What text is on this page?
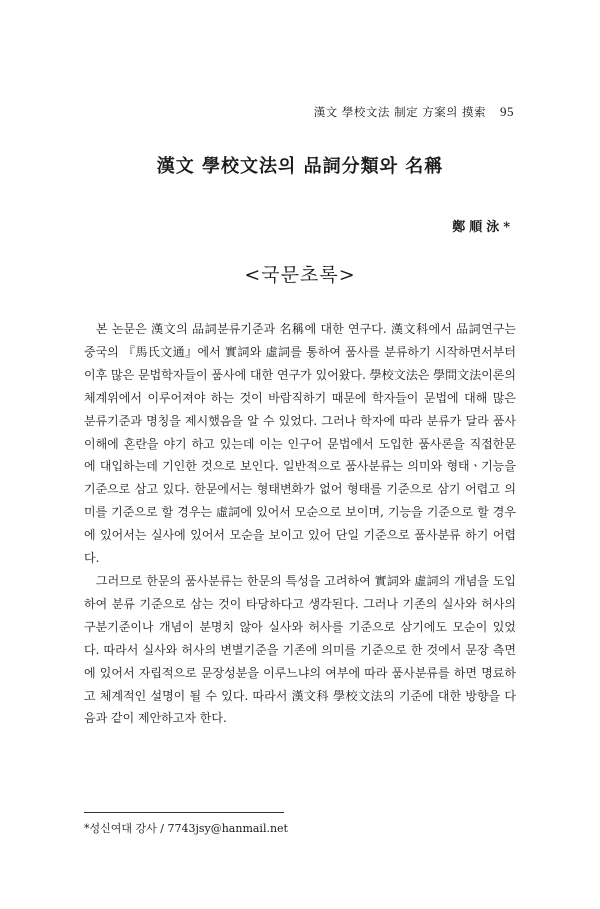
漢文 學校文法 制定 方案의 摸索 95
漢文 學校文法의 品詞分類와 名稱
鄭順泳*
<국문초록>

본 논문은 漢文의 品詞분류기준과 名稱에 대한 연구다. 漢文科에서 品詞연구는 중국의 『馬氏文通』에서 實詞와 虛詞를 통하여 품사를 분류하기 시작하면서부터 이후 많은 문법학자들이 품사에 대한 연구가 있어왔다. 學校文法은 學問文法이론의 체계위에서 이루어져야 하는 것이 바람직하기 때문에 학자들이 문법에 대해 많은 분류기준과 명칭을 제시했음을 알 수 있었다. 그러나 학자에 따라 분류가 달라 품사이해에 혼란을 야기 하고 있는데 이는 인구어 문법에서 도입한 품사론을 직접한문에 대입하는데 기인한 것으로 보인다. 일반적으로 품사분류는 의미와 형태ㆍ기능을 기준으로 삼고 있다. 한문에서는 형태변화가 없어 형태를 기준으로 삼기 어렵고 의미를 기준으로 할 경우는 虛詞에 있어서 모순으로 보이며, 기능을 기준으로 할 경우에 있어서는 실사에 있어서 모순을 보이고 있어 단일 기준으로 품사분류 하기 어렵다.

그러므로 한문의 품사분류는 한문의 특성을 고려하여 實詞와 虛詞의 개념을 도입하여 분류 기준으로 삼는 것이 타당하다고 생각된다. 그러나 기존의 실사와 허사의 구분기준이나 개념이 분명치 않아 실사와 허사를 기준으로 삼기에도 모순이 있었다. 따라서 실사와 허사의 변별기준을 기존에 의미를 기준으로 한 것에서 문장 측면에 있어서 자립적으로 문장성분을 이루느냐의 여부에 따라 품사분류를 하면 명료하고 체계적인 설명이 될 수 있다. 따라서 漢文科 學校文法의 기준에 대한 방향을 다음과 같이 제안하고자 한다.

*성신여대 강사 / 7743jsy@hanmail.net
